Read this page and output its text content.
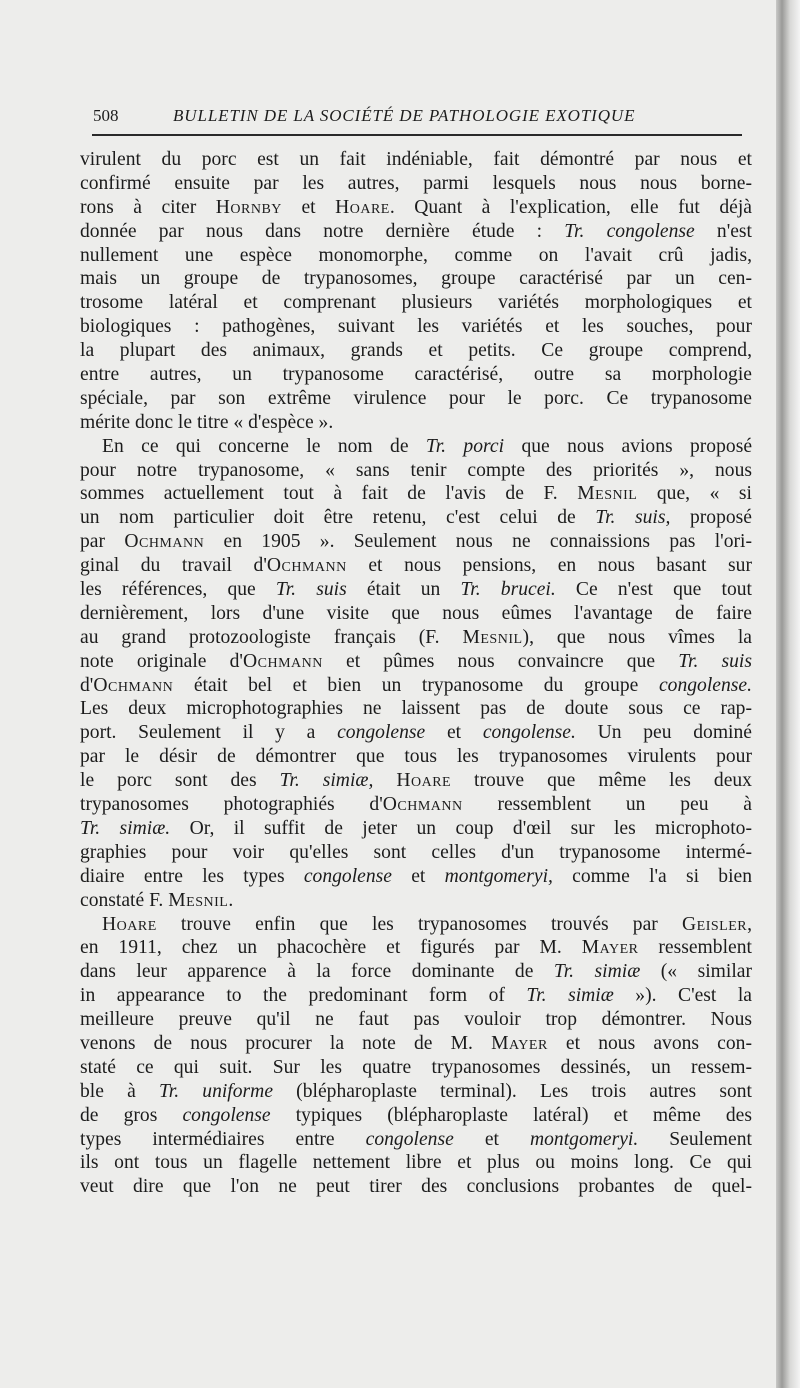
508	BULLETIN DE LA SOCIÉTÉ DE PATHOLOGIE EXOTIQUE
virulent du porc est un fait indéniable, fait démontré par nous et
confirmé ensuite par les autres, parmi lesquels nous nous borne-
rons à citer Hornby et Hoare. Quant à l'explication, elle fut déjà
donnée par nous dans notre dernière étude : Tr. congolense n'est
nullement une espèce monomorphe, comme on l'avait crû jadis,
mais un groupe de trypanosomes, groupe caractérisé par un cen-
trosome latéral et comprenant plusieurs variétés morphologiques et
biologiques : pathogènes, suivant les variétés et les souches, pour
la plupart des animaux, grands et petits. Ce groupe comprend,
entre autres, un trypanosome caractérisé, outre sa morphologie
spéciale, par son extrême virulence pour le porc. Ce trypanosome
mérite donc le titre « d'espèce ».
En ce qui concerne le nom de Tr. porci que nous avions proposé
pour notre trypanosome, « sans tenir compte des priorités », nous
sommes actuellement tout à fait de l'avis de F. Mesnil que, « si
un nom particulier doit être retenu, c'est celui de Tr. suis, proposé
par Ochmann en 1905 ». Seulement nous ne connaissions pas l'ori-
ginal du travail d'Ochmann et nous pensions, en nous basant sur
les références, que Tr. suis était un Tr. brucei. Ce n'est que tout
dernièrement, lors d'une visite que nous eûmes l'avantage de faire
au grand protozoologiste français (F. Mesnil), que nous vîmes la
note originale d'Ochmann et pûmes nous convaincre que Tr. suis
d'Ochmann était bel et bien un trypanosome du groupe congolense.
Les deux microphotographies ne laissent pas de doute sous ce rap-
port. Seulement il y a congolense et congolense. Un peu dominé
par le désir de démontrer que tous les trypanosomes virulents pour
le porc sont des Tr. simiæ, Hoare trouve que même les deux
trypanosomes photographiés d'Ochmann ressemblent un peu à
Tr. simiæ. Or, il suffit de jeter un coup d'œil sur les microphoto-
graphies pour voir qu'elles sont celles d'un trypanosome intermé-
diaire entre les types congolense et montgomeryi, comme l'a si bien
constaté F. Mesnil.
Hoare trouve enfin que les trypanosomes trouvés par Geisler,
en 1911, chez un phacochère et figurés par M. Mayer ressemblent
dans leur apparence à la force dominante de Tr. simiæ (« similar
in appearance to the predominant form of Tr. simiæ »). C'est la
meilleure preuve qu'il ne faut pas vouloir trop démontrer. Nous
venons de nous procurer la note de M. Mayer et nous avons con-
staté ce qui suit. Sur les quatre trypanosomes dessinés, un ressem-
ble à Tr. uniforme (blépharoplaste terminal). Les trois autres sont
de gros congolense typiques (blépharoplaste latéral) et même des
types intermédiaires entre congolense et montgomeryi. Seulement
ils ont tous un flagelle nettement libre et plus ou moins long. Ce qui
veut dire que l'on ne peut tirer des conclusions probantes de quel-
